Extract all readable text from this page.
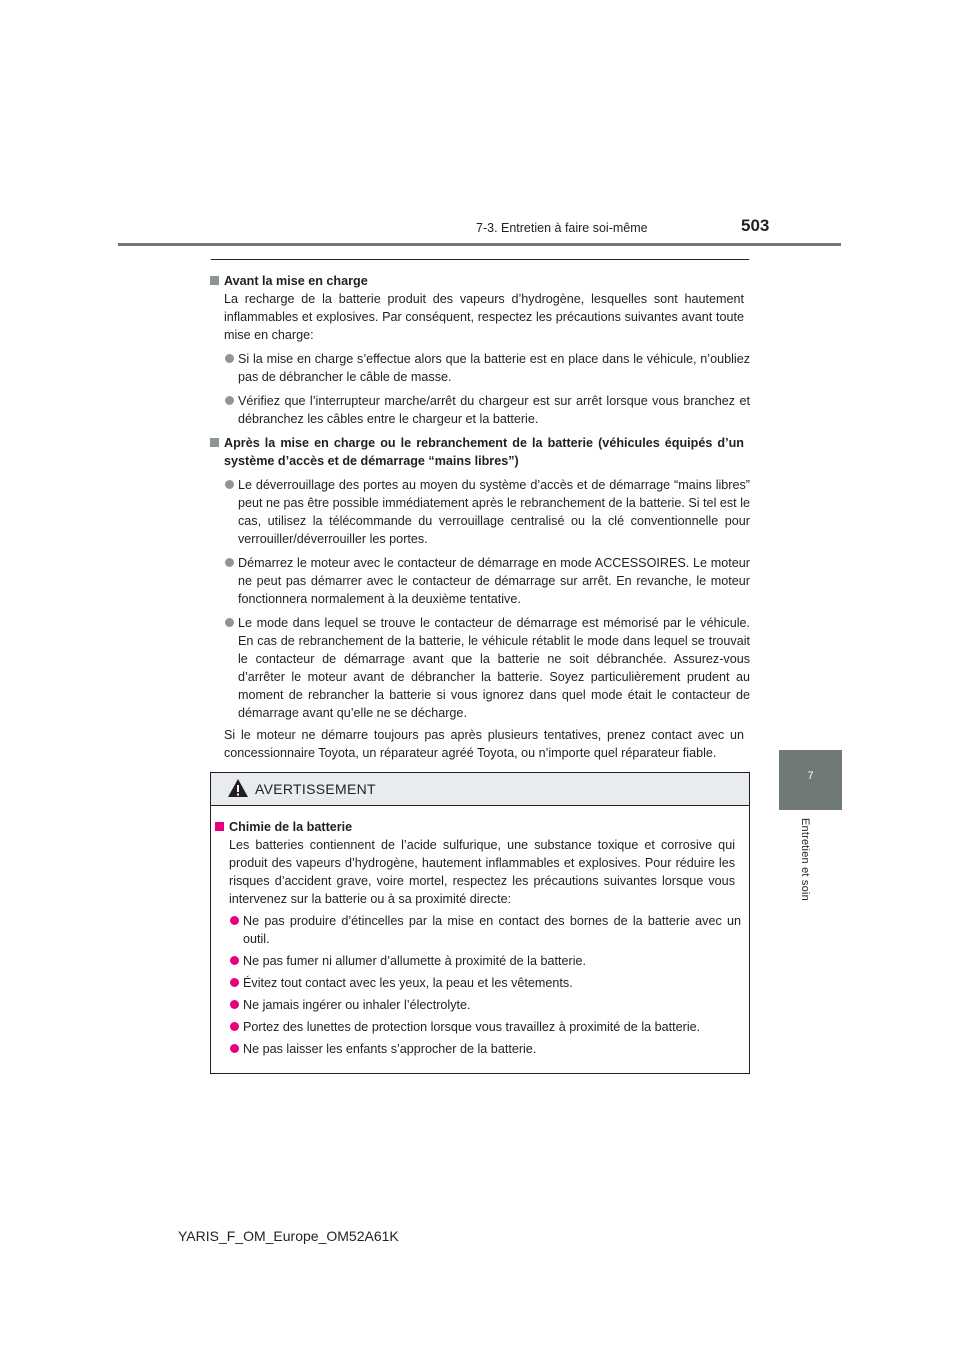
7-3. Entretien à faire soi-même	503
7
Entretien et soin
Avant la mise en charge
La recharge de la batterie produit des vapeurs d’hydrogène, lesquelles sont hautement inflammables et explosives. Par conséquent, respectez les précautions suivantes avant toute mise en charge:
Si la mise en charge s’effectue alors que la batterie est en place dans le véhicule, n’oubliez pas de débrancher le câble de masse.
Vérifiez que l’interrupteur marche/arrêt du chargeur est sur arrêt lorsque vous branchez et débranchez les câbles entre le chargeur et la batterie.
Après la mise en charge ou le rebranchement de la batterie (véhicules équipés d’un système d’accès et de démarrage “mains libres”)
Le déverrouillage des portes au moyen du système d’accès et de démarrage “mains libres” peut ne pas être possible immédiatement après le rebranchement de la batterie. Si tel est le cas, utilisez la télécommande du verrouillage centralisé ou la clé conventionnelle pour verrouiller/déverrouiller les portes.
Démarrez le moteur avec le contacteur de démarrage en mode ACCESSOIRES. Le moteur ne peut pas démarrer avec le contacteur de démarrage sur arrêt. En revanche, le moteur fonctionnera normalement à la deuxième tentative.
Le mode dans lequel se trouve le contacteur de démarrage est mémorisé par le véhicule. En cas de rebranchement de la batterie, le véhicule rétablit le mode dans lequel se trouvait le contacteur de démarrage avant que la batterie ne soit débranchée. Assurez-vous d’arrêter le moteur avant de débrancher la batterie. Soyez particulièrement prudent au moment de rebrancher la batterie si vous ignorez dans quel mode était le contacteur de démarrage avant qu’elle ne se décharge.
Si le moteur ne démarre toujours pas après plusieurs tentatives, prenez contact avec un concessionnaire Toyota, un réparateur agréé Toyota, ou n’importe quel réparateur fiable.
AVERTISSEMENT
Chimie de la batterie
Les batteries contiennent de l’acide sulfurique, une substance toxique et corrosive qui produit des vapeurs d’hydrogène, hautement inflammables et explosives. Pour réduire les risques d’accident grave, voire mortel, respectez les précautions suivantes lorsque vous intervenez sur la batterie ou à sa proximité directe:
Ne pas produire d’étincelles par la mise en contact des bornes de la batterie avec un outil.
Ne pas fumer ni allumer d’allumette à proximité de la batterie.
Évitez tout contact avec les yeux, la peau et les vêtements.
Ne jamais ingérer ou inhaler l’électrolyte.
Portez des lunettes de protection lorsque vous travaillez à proximité de la batterie.
Ne pas laisser les enfants s’approcher de la batterie.
YARIS_F_OM_Europe_OM52A61K
